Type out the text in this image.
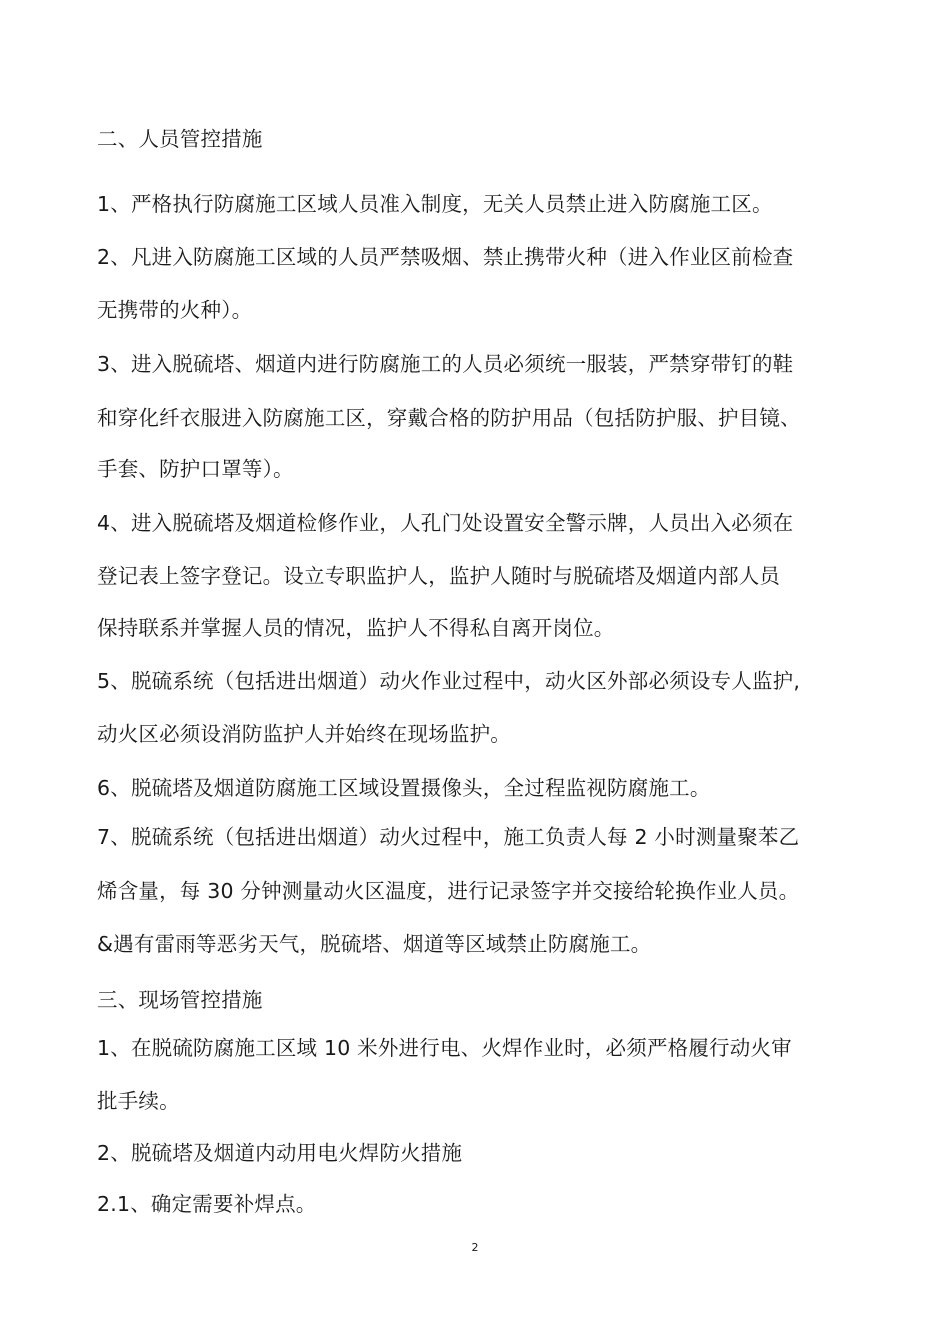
二、人员管控措施
1、严格执行防腐施工区域人员准入制度，无关人员禁止进入防腐施工区。
2、凡进入防腐施工区域的人员严禁吸烟、禁止携带火种（进入作业区前检查
无携带的火种）。
3、进入脱硫塔、烟道内进行防腐施工的人员必须统一服装，严禁穿带钉的鞋
和穿化纤衣服进入防腐施工区，穿戴合格的防护用品（包括防护服、护目镜、
手套、防护口罩等）。
4、进入脱硫塔及烟道检修作业，人孔门处设置安全警示牌，人员出入必须在
登记表上签字登记。设立专职监护人，监护人随时与脱硫塔及烟道内部人员
保持联系并掌握人员的情况，监护人不得私自离开岗位。
5、脱硫系统（包括进出烟道）动火作业过程中，动火区外部必须设专人监护,
动火区必须设消防监护人并始终在现场监护。
6、脱硫塔及烟道防腐施工区域设置摄像头，全过程监视防腐施工。
7、脱硫系统（包括进出烟道）动火过程中，施工负责人每 2 小时测量聚苯乙
烯含量，每 30 分钟测量动火区温度，进行记录签字并交接给轮换作业人员。
&遇有雷雨等恶劣天气，脱硫塔、烟道等区域禁止防腐施工。
三、现场管控措施
1、在脱硫防腐施工区域 10 米外进行电、火焊作业时，必须严格履行动火审
批手续。
2、脱硫塔及烟道内动用电火焊防火措施
2.1、确定需要补焊点。
2
